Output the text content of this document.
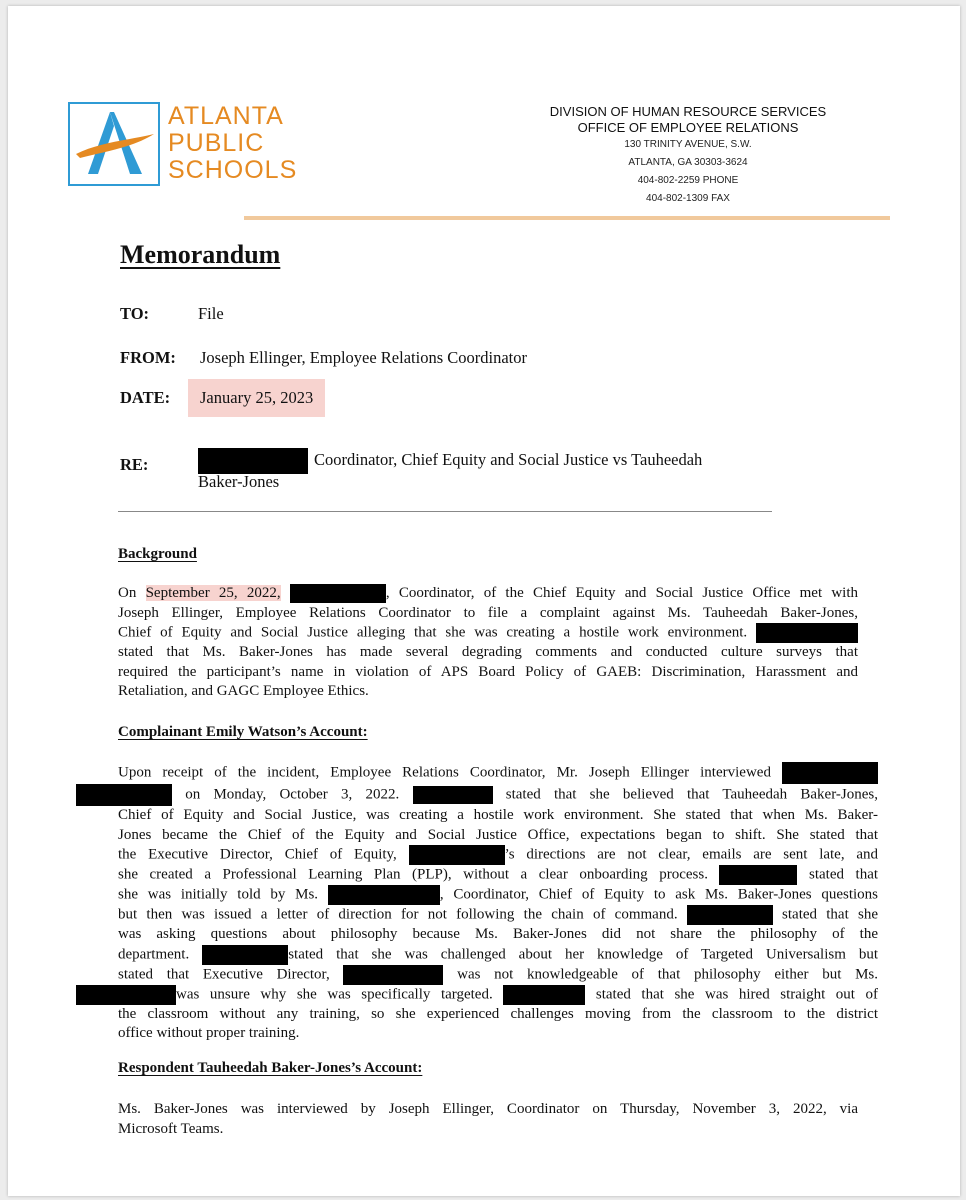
ATLANTA
PUBLIC
SCHOOLS
DIVISION OF HUMAN RESOURCE SERVICES
OFFICE OF EMPLOYEE RELATIONS
130 TRINITY AVENUE, S.W.
ATLANTA, GA 30303-3624
404-802-2259 PHONE
404-802-1309 FAX
Memorandum
TO:	File
FROM: Joseph Ellinger, Employee Relations Coordinator
DATE:	January 25, 2023
RE:	Coordinator, Chief Equity and Social Justice vs Tauheedah
Baker-Jones
Background
On September 25, 2022,	, Coordinator, of the Chief Equity and Social Justice Office met with
Joseph Ellinger, Employee Relations Coordinator to file a complaint against Ms. Tauheedah Baker-Jones,
Chief of Equity and Social Justice alleging that she was creating a hostile work environment.
stated that Ms. Baker-Jones has made several degrading comments and conducted culture surveys that
required the participant’s name in violation of APS Board Policy of GAEB: Discrimination, Harassment and
Retaliation, and GAGC Employee Ethics.
Complainant Emily Watson’s Account:
Upon receipt of the incident, Employee Relations Coordinator, Mr. Joseph Ellinger interviewed
on Monday, October 3, 2022.	stated that she believed that Tauheedah Baker-Jones,
Chief of Equity and Social Justice, was creating a hostile work environment. She stated that when Ms. Baker-
Jones became the Chief of the Equity and Social Justice Office, expectations began to shift. She stated that
the Executive Director, Chief of Equity,	’s directions are not clear, emails are sent late, and
she created a Professional Learning Plan (PLP), without a clear onboarding process.	stated that
she was initially told by Ms.	, Coordinator, Chief of Equity to ask Ms. Baker-Jones questions
but then was issued a letter of direction for not following the chain of command.	stated that she
was asking questions about philosophy because Ms. Baker-Jones did not share the philosophy of the
department.	stated that she was challenged about her knowledge of Targeted Universalism but
stated that Executive Director,	was not knowledgeable of that philosophy either but Ms.
was unsure why she was specifically targeted.	stated that she was hired straight out of
the classroom without any training, so she experienced challenges moving from the classroom to the district
office without proper training.
Respondent Tauheedah Baker-Jones’s Account:
Ms. Baker-Jones was interviewed by Joseph Ellinger, Coordinator on Thursday, November 3, 2022, via
Microsoft Teams.
